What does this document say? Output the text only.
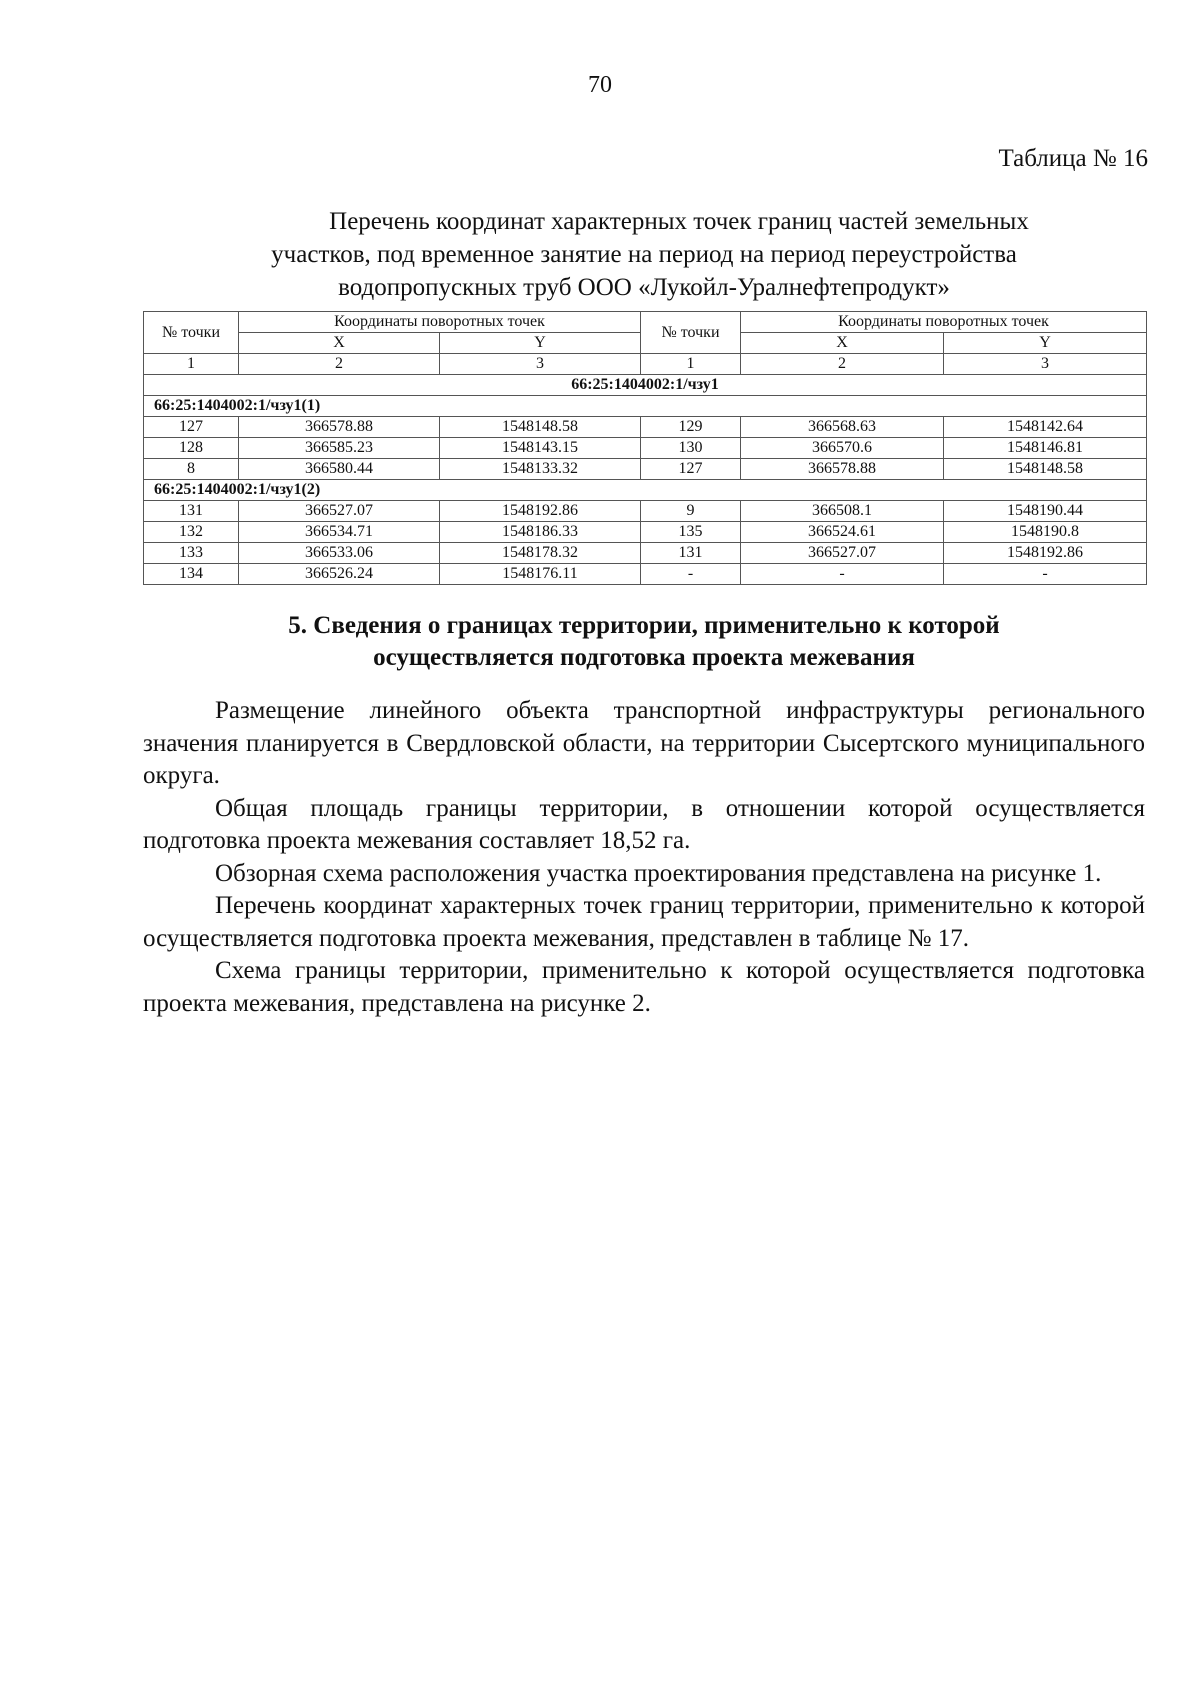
70
Таблица № 16
Перечень координат характерных точек границ частей земельных
участков, под временное занятие на период на период переустройства
водопропускных труб ООО «Лукойл-Уралнефтепродукт»
№ точки	Координаты поворотных точек		№ точки	Координаты поворотных точек	
	X	Y		X	Y
1	2	3	1	2	3
66:25:1404002:1/чзу1					
66:25:1404002:1/чзу1(1)					
127	366578.88	1548148.58	129	366568.63	1548142.64
128	366585.23	1548143.15	130	366570.6	1548146.81
8	366580.44	1548133.32	127	366578.88	1548148.58
66:25:1404002:1/чзу1(2)					
131	366527.07	1548192.86	9	366508.1	1548190.44
132	366534.71	1548186.33	135	366524.61	1548190.8
133	366533.06	1548178.32	131	366527.07	1548192.86
134	366526.24	1548176.11	-	-	-
5. Сведения о границах территории, применительно к которой
осуществляется подготовка проекта межевания

Размещение линейного объекта транспортной инфраструктуры регионального значения планируется в Свердловской области, на территории Сысертского муниципального округа.

Общая площадь границы территории, в отношении которой осуществляется подготовка проекта межевания составляет 18,52 га.

Обзорная схема расположения участка проектирования представлена на рисунке 1.

Перечень координат характерных точек границ территории, применительно к которой осуществляется подготовка проекта межевания, представлен в таблице № 17.

Схема границы территории, применительно к которой осуществляется подготовка проекта межевания, представлена на рисунке 2.
